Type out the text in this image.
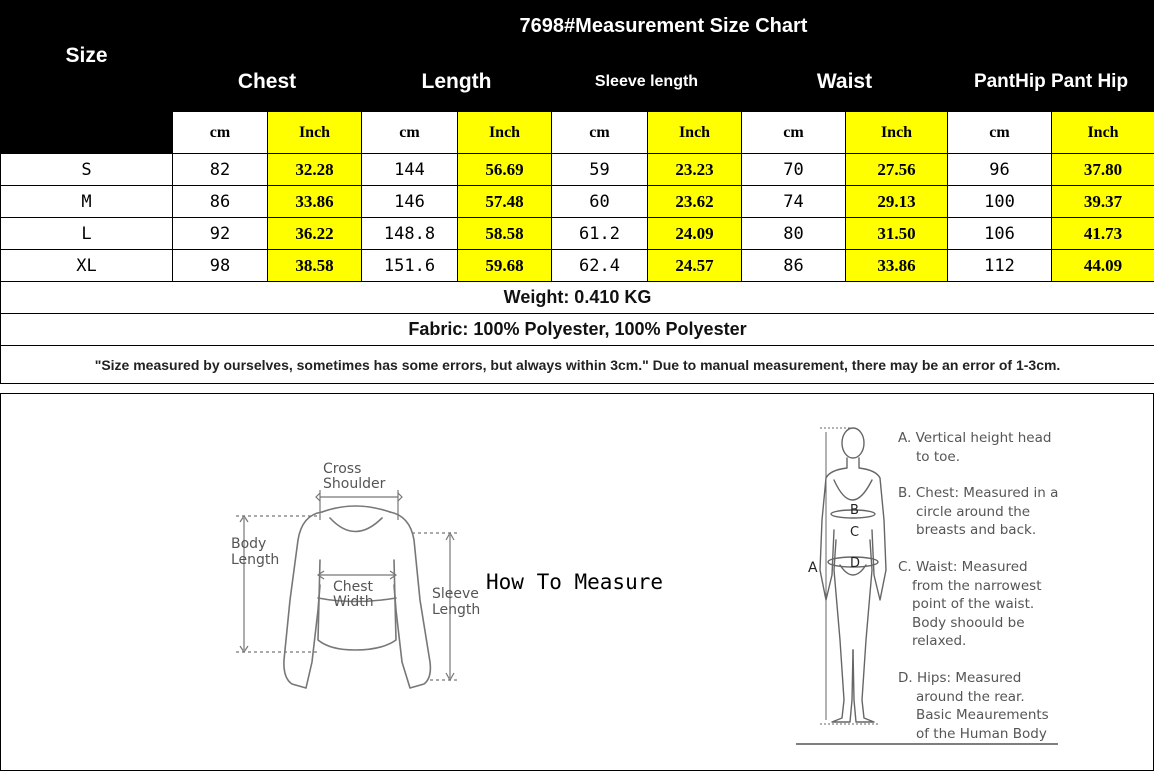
Size	7698#Measurement Size Chart									
	Chest		Length		Sleeve length		Waist		PantHip Pant Hip	
	cm	Inch	cm	Inch	cm	Inch	cm	Inch	cm	Inch
S	82	32.28	144	56.69	59	23.23	70	27.56	96	37.80
M	86	33.86	146	57.48	60	23.62	74	29.13	100	39.37
L	92	36.22	148.8	58.58	61.2	24.09	80	31.50	106	41.73
XL	98	38.58	151.6	59.68	62.4	24.57	86	33.86	112	44.09
Weight: 0.410 KG										
Fabric: 100% Polyester, 100% Polyester										
"Size measured by ourselves, sometimes has some errors, but always within 3cm." Due to manual measurement, there may be an error of 1-3cm.										
Cross
Shoulder
Body
Length
Chest
Width	Sleeve
Length
How To Measure
A
B
C
D
A. Vertical height head
to toe.
B. Chest: Measured in a
circle around the
breasts and back.
C. Waist: Measured
from the narrowest
point of the waist.
Body shoould be
relaxed.
D. Hips: Measured
around the rear.
Basic Meaurements
of the Human Body
